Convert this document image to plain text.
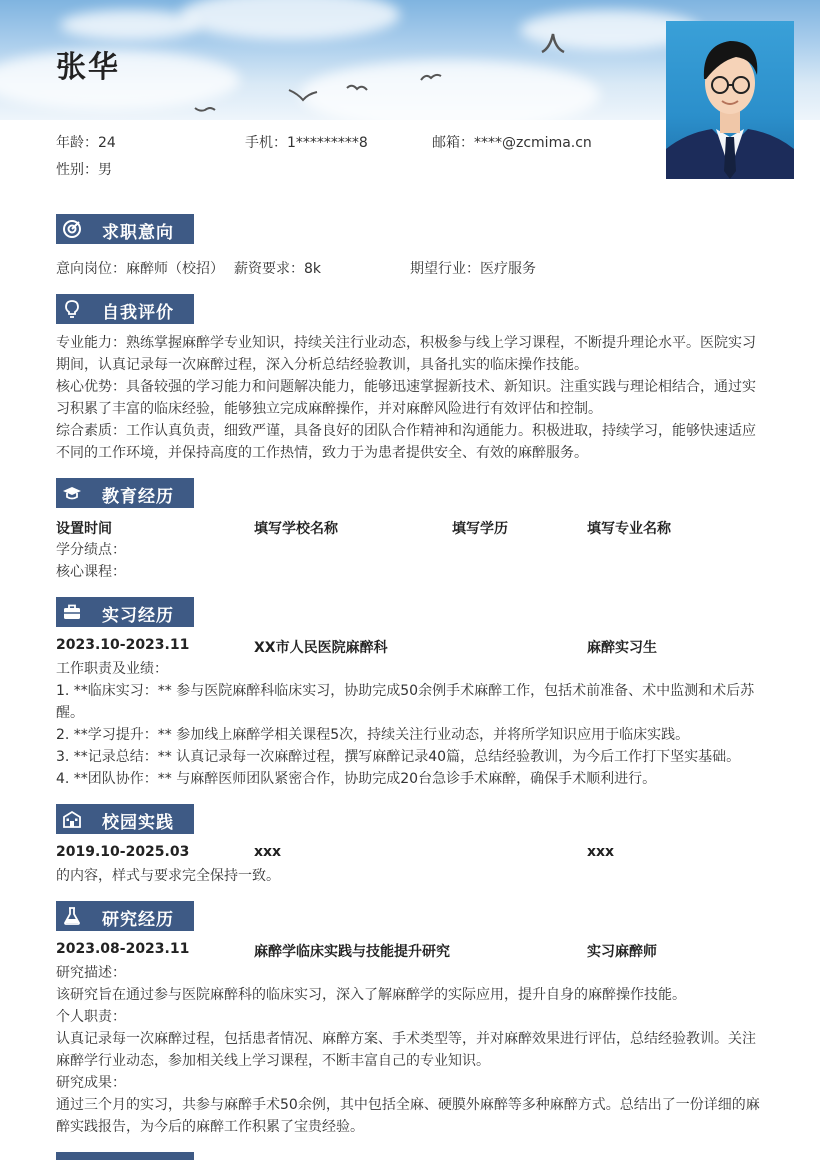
张华
年龄：24	手机：1*********8	邮箱：****@zcmima.cn
性别：男
求职意向
意向岗位：麻醉师（校招） 薪资要求：8k	期望行业：医疗服务
自我评价
专业能力：熟练掌握麻醉学专业知识，持续关注行业动态，积极参与线上学习课程，不断提升理论水平。医院实习
期间，认真记录每一次麻醉过程，深入分析总结经验教训，具备扎实的临床操作技能。
核心优势：具备较强的学习能力和问题解决能力，能够迅速掌握新技术、新知识。注重实践与理论相结合，通过实
习积累了丰富的临床经验，能够独立完成麻醉操作，并对麻醉风险进行有效评估和控制。
综合素质：工作认真负责，细致严谨，具备良好的团队合作精神和沟通能力。积极进取，持续学习，能够快速适应
不同的工作环境，并保持高度的工作热情，致力于为患者提供安全、有效的麻醉服务。
教育经历
设置时间	填写学校名称	填写学历	填写专业名称
学分绩点：
核心课程：
实习经历
2023.10-2023.11	XX市人民医院麻醉科	麻醉实习生
工作职责及业绩：
1. **临床实习：** 参与医院麻醉科临床实习，协助完成50余例手术麻醉工作，包括术前准备、术中监测和术后苏
醒。
2. **学习提升：** 参加线上麻醉学相关课程5次，持续关注行业动态，并将所学知识应用于临床实践。
3. **记录总结：** 认真记录每一次麻醉过程，撰写麻醉记录40篇，总结经验教训，为今后工作打下坚实基础。
4. **团队协作：** 与麻醉医师团队紧密合作，协助完成20台急诊手术麻醉，确保手术顺利进行。
校园实践
2019.10-2025.03	xxx	xxx
的内容，样式与要求完全保持一致。
研究经历
2023.08-2023.11	麻醉学临床实践与技能提升研究	实习麻醉师
研究描述：
该研究旨在通过参与医院麻醉科的临床实习，深入了解麻醉学的实际应用，提升自身的麻醉操作技能。
个人职责：
认真记录每一次麻醉过程，包括患者情况、麻醉方案、手术类型等，并对麻醉效果进行评估，总结经验教训。关注
麻醉学行业动态，参加相关线上学习课程，不断丰富自己的专业知识。
研究成果：
通过三个月的实习，共参与麻醉手术50余例，其中包括全麻、硬膜外麻醉等多种麻醉方式。总结出了一份详细的麻
醉实践报告，为今后的麻醉工作积累了宝贵经验。
